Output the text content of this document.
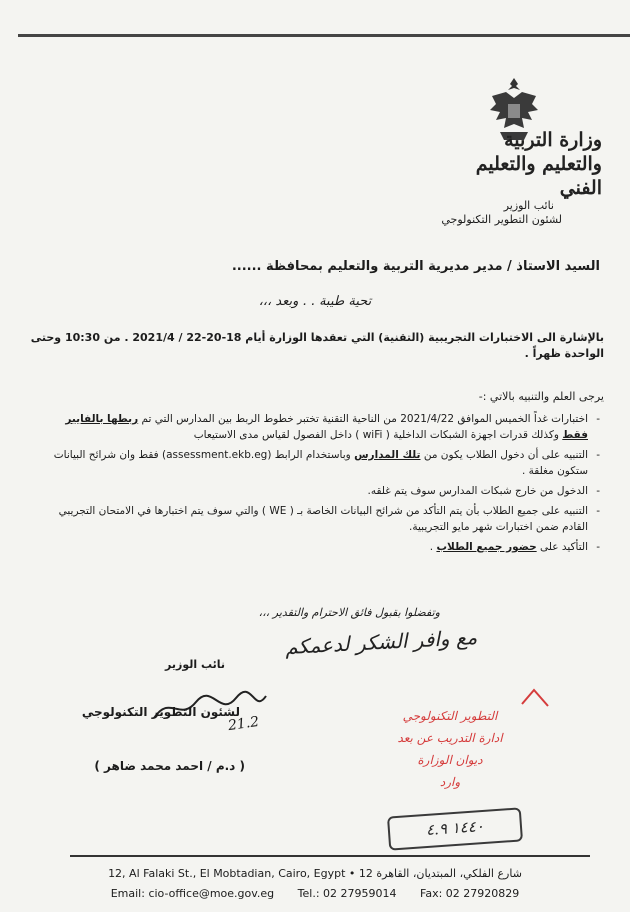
وزارة التربية والتعليم والتعليم الفني
نائب الوزير
لشئون التطوير التكنولوجي
السيد الاستاذ / مدير مديرية التربية والتعليم بمحافظة ......
تحية طيبة . . وبعد ،،،
بالإشارة الى الاختبارات التجريبية (التقنية) التي تعقدها الوزارة أيام 18-20-22 / 2021/4 . من 10:30 وحتى الواحدة ظهراً .
يرجى العلم والتنبيه بالاتي :-
- اختبارات غداً الخميس الموافق 2021/4/22 من الناحية التقنية تختبر خطوط الربط بين المدارس التي تم ربطها بالفايبر فقط وكذلك قدرات اجهزة الشبكات الداخلية ( wiFi ) داخل الفصول لقياس مدى الاستيعاب
- التنبيه على أن دخول الطلاب يكون من تلك المدارس وباستخدام الرابط (assessment.ekb.eg) فقط وان شرائح البيانات ستكون مغلقة .
- الدخول من خارج شبكات المدارس سوف يتم غلقه.
- التنبيه على جميع الطلاب بأن يتم التأكد من شرائح البيانات الخاصة بـ ( WE ) والتي سوف يتم اختبارها في الامتحان التجريبي القادم ضمن اختبارات شهر مايو التجريبية.
- التأكيد على حضور جميع الطلاب .
وتفضلوا بقبول فائق الاحترام والتقدير ،،،
مع وافر الشكر لدعمكم
نائب الوزير
لشئون التطوير التكنولوجي
21.2
( د.م / احمد محمد ضاهر )
التطوير التكنولوجي
ادارة التدريب عن بعد
ديوان الوزارة
وارد
١٤٤٠ ٤.٩
12, Al Falaki St., El Mobtadian, Cairo, Egypt • 12 شارع الفلكي، المبتديان، القاهرة
Email: cio-office@moe.gov.eg Tel.: 02 27959014 Fax: 02 27920829
